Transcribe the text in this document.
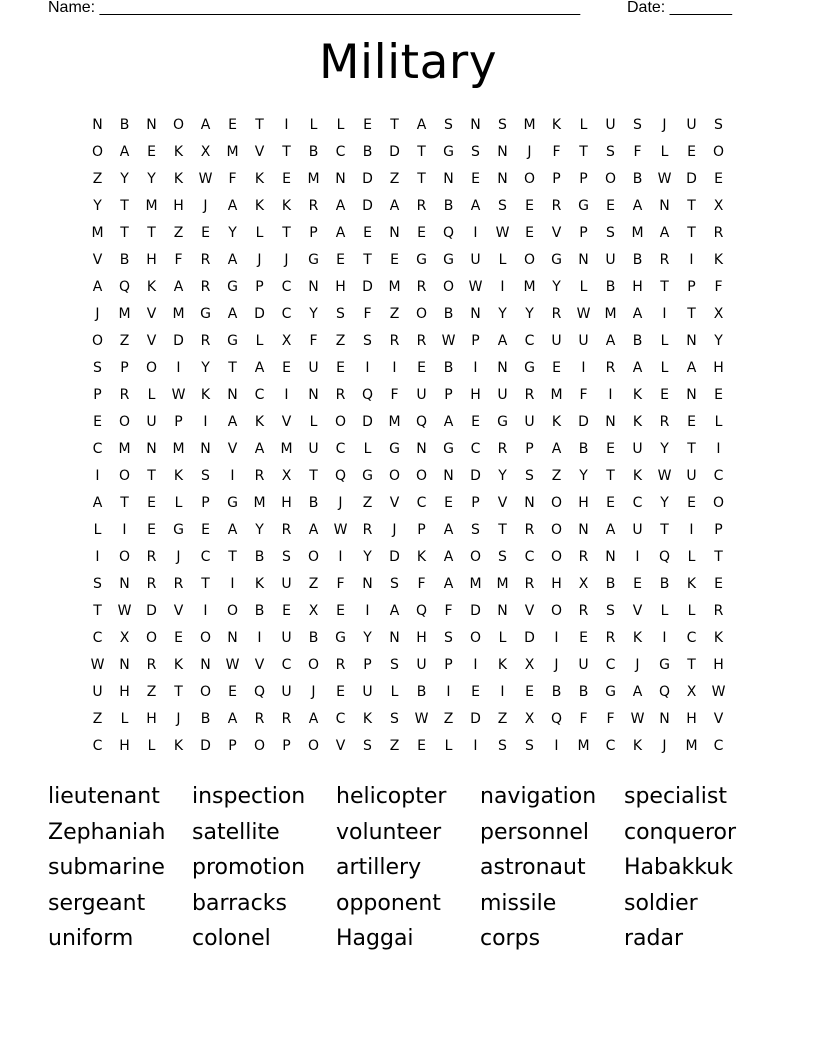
Name: ______________________________________________________	Date: _______
Military
N	B	N	O	A	E	T	I	L	L	E	T	A	S	N	S	M	K	L	U	S	J	U	S
O	A	E	K	X	M	V	T	B	C	B	D	T	G	S	N	J	F	T	S	F	L	E	O
Z	Y	Y	K	W	F	K	E	M	N	D	Z	T	N	E	N	O	P	P	O	B	W	D	E
Y	T	M	H	J	A	K	K	R	A	D	A	R	B	A	S	E	R	G	E	A	N	T	X
M	T	T	Z	E	Y	L	T	P	A	E	N	E	Q	I	W	E	V	P	S	M	A	T	R
V	B	H	F	R	A	J	J	G	E	T	E	G	G	U	L	O	G	N	U	B	R	I	K
A	Q	K	A	R	G	P	C	N	H	D	M	R	O	W	I	M	Y	L	B	H	T	P	F
J	M	V	M	G	A	D	C	Y	S	F	Z	O	B	N	Y	Y	R	W	M	A	I	T	X
O	Z	V	D	R	G	L	X	F	Z	S	R	R	W	P	A	C	U	U	A	B	L	N	Y
S	P	O	I	Y	T	A	E	U	E	I	I	E	B	I	N	G	E	I	R	A	L	A	H
P	R	L	W	K	N	C	I	N	R	Q	F	U	P	H	U	R	M	F	I	K	E	N	E
E	O	U	P	I	A	K	V	L	O	D	M	Q	A	E	G	U	K	D	N	K	R	E	L
C	M	N	M	N	V	A	M	U	C	L	G	N	G	C	R	P	A	B	E	U	Y	T	I
I	O	T	K	S	I	R	X	T	Q	G	O	O	N	D	Y	S	Z	Y	T	K	W	U	C
A	T	E	L	P	G	M	H	B	J	Z	V	C	E	P	V	N	O	H	E	C	Y	E	O
L	I	E	G	E	A	Y	R	A	W	R	J	P	A	S	T	R	O	N	A	U	T	I	P
I	O	R	J	C	T	B	S	O	I	Y	D	K	A	O	S	C	O	R	N	I	Q	L	T
S	N	R	R	T	I	K	U	Z	F	N	S	F	A	M	M	R	H	X	B	E	B	K	E
T	W	D	V	I	O	B	E	X	E	I	A	Q	F	D	N	V	O	R	S	V	L	L	R
C	X	O	E	O	N	I	U	B	G	Y	N	H	S	O	L	D	I	E	R	K	I	C	K
W	N	R	K	N	W	V	C	O	R	P	S	U	P	I	K	X	J	U	C	J	G	T	H
U	H	Z	T	O	E	Q	U	J	E	U	L	B	I	E	I	E	B	B	G	A	Q	X	W
Z	L	H	J	B	A	R	R	A	C	K	S	W	Z	D	Z	X	Q	F	F	W	N	H	V
C	H	L	K	D	P	O	P	O	V	S	Z	E	L	I	S	S	I	M	C	K	J	M	C
lieutenant	inspection	helicopter	navigation	specialist
Zephaniah	satellite	volunteer	personnel	conqueror
submarine	promotion	artillery	astronaut	Habakkuk
sergeant	barracks	opponent	missile	soldier
uniform	colonel	Haggai	corps	radar
